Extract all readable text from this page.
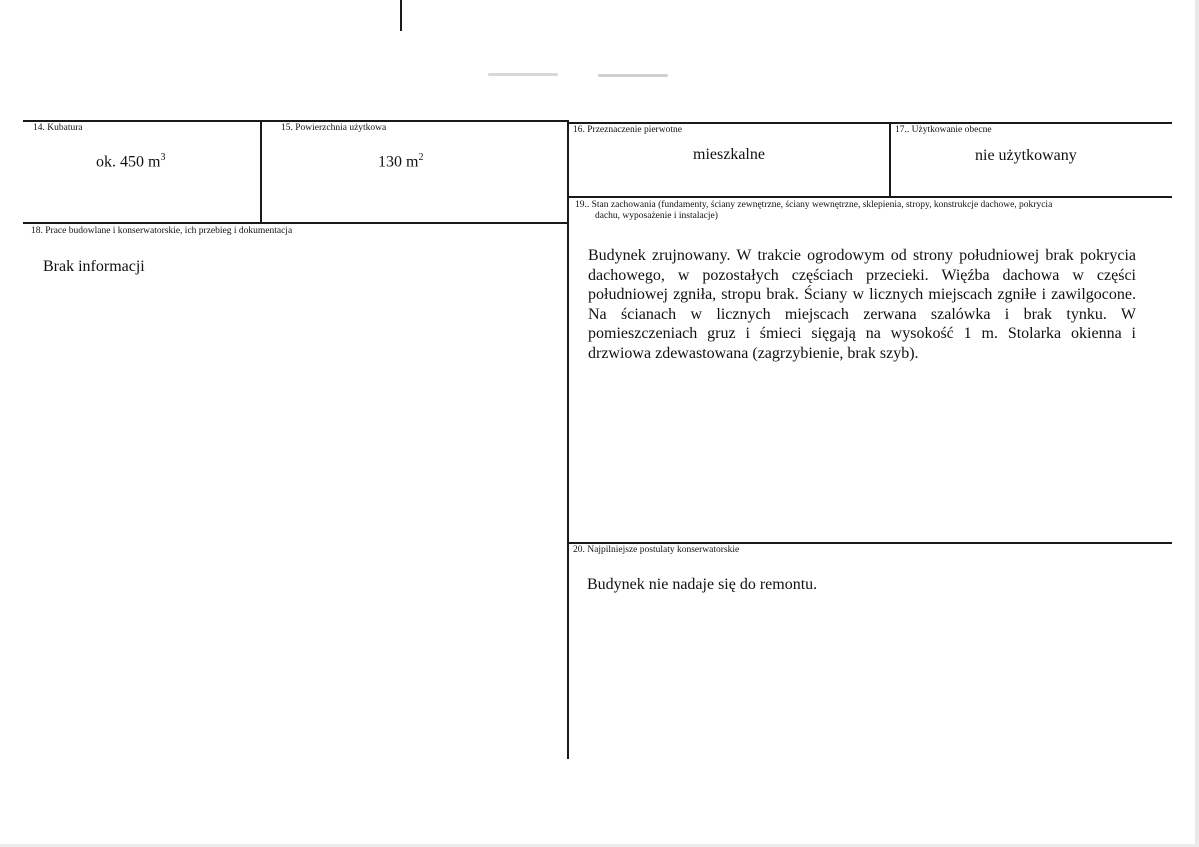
14. Kubatura
ok. 450 $m^3$
15. Powierzchnia użytkowa
130 $m^2$
16. Przeznaczenie pierwotne
mieszkalne
17.. Użytkowanie obecne
nie użytkowany
18. Prace budowlane i konserwatorskie, ich przebieg i dokumentacja
Brak informacji
19.. Stan zachowania (fundamenty, ściany zewnętrzne, ściany wewnętrzne, sklepienia, stropy, konstrukcje dachowe, pokrycia
dachu, wyposażenie i instalacje)
Budynek zrujnowany. W trakcie ogrodowym od strony południowej brak pokrycia dachowego, w pozostałych częściach przecieki. Więźba dachowa w części południowej zgniła, stropu brak. Ściany w licznych miejscach zgniłe i zawilgocone. Na ścianach w licznych miejscach zerwana szalówka i brak tynku. W pomieszczeniach gruz i śmieci sięgają na wysokość 1 m. Stolarka okienna i drzwiowa zdewastowana (zagrzybienie, brak szyb).
20. Najpilniejsze postulaty konserwatorskie
Budynek nie nadaje się do remontu.
